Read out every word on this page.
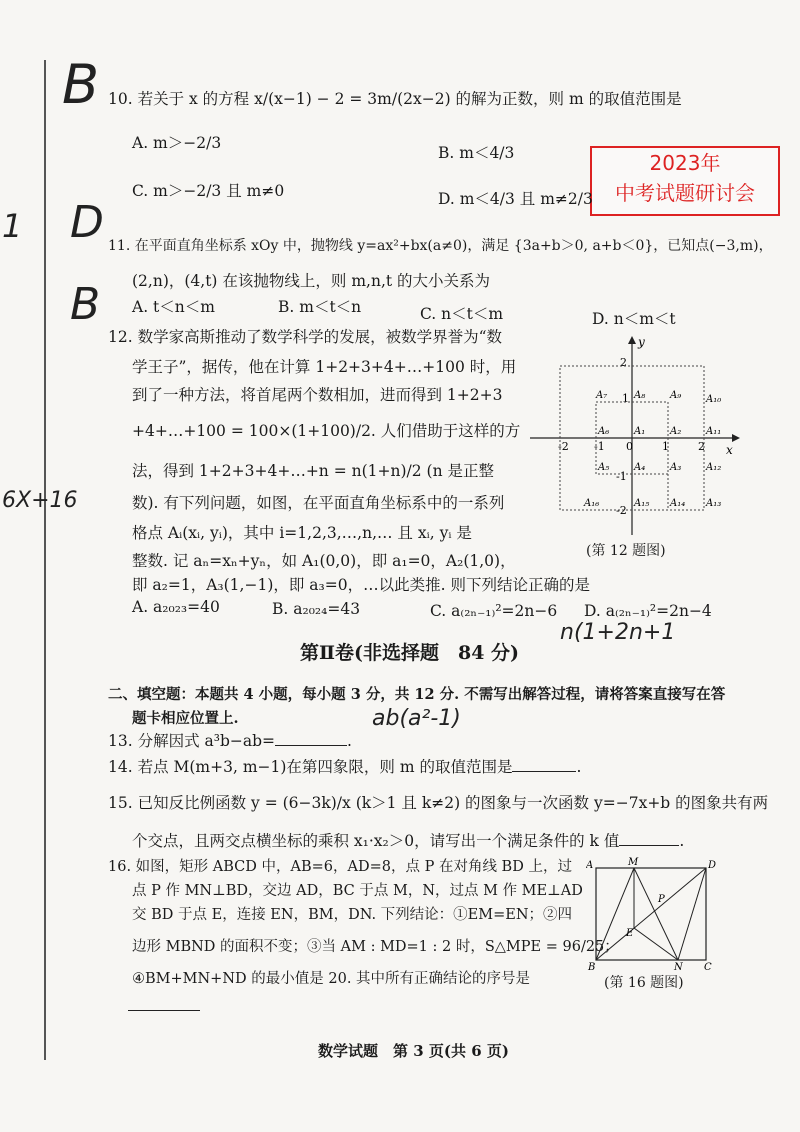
B
D
B
1
6X+16
n(1+2n+1
ab(a²-1)
2023年
中考试题研讨会
10. 若关于 x 的方程 x/(x−1) − 2 = 3m/(2x−2) 的解为正数，则 m 的取值范围是
A. m＞−2/3
B. m＜4/3
C. m＞−2/3 且 m≠0	D. m＜4/3 且 m≠2/3
11. 在平面直角坐标系 xOy 中，抛物线 y=ax²+bx(a≠0)，满足 {3a+b＞0, a+b＜0}，已知点(−3,m)，
(2,n)，(4,t) 在该抛物线上，则 m,n,t 的大小关系为
A. t＜n＜m	B. m＜t＜n	C. n＜t＜m	D. n＜m＜t
12. 数学家高斯推动了数学科学的发展，被数学界誉为“数
学王子”，据传，他在计算 1+2+3+4+…+100 时，用
到了一种方法，将首尾两个数相加，进而得到 1+2+3
+4+…+100 = 100×(1+100)/2. 人们借助于这样的方
法，得到 1+2+3+4+…+n = n(1+n)/2 (n 是正整
数). 有下列问题，如图，在平面直角坐标系中的一系列
格点 Aᵢ(xᵢ, yᵢ)，其中 i=1,2,3,…,n,… 且 xᵢ, yᵢ 是
整数. 记 aₙ=xₙ+yₙ，如 A₁(0,0)，即 a₁=0，A₂(1,0)，
即 a₂=1，A₃(1,−1)，即 a₃=0，…以此类推. 则下列结论正确的是
A. a₂₀₂₃=40	B. a₂₀₂₄=43	C. a₍₂ₙ₋₁₎²=2n−6 D. a₍₂ₙ₋₁₎²=2n−4
x
y
0
-2 -1	1	2
2
1
-1
-2
A₁ A₂
A₃
A₄
A₅
A₆
A₇	A₈ A₉ A₁₀
A₁₁
A₁₂
A₁₃
A₁₄
A₁₅
A₁₆
(第 12 题图)
第Ⅱ卷(非选择题　84 分)
二、填空题：本题共 4 小题，每小题 3 分，共 12 分. 不需写出解答过程，请将答案直接写在答
题卡相应位置上.
13. 分解因式 a³b−ab=	.
14. 若点 M(m+3, m−1)在第四象限，则 m 的取值范围是	.
15. 已知反比例函数 y = (6−3k)/x (k＞1 且 k≠2) 的图象与一次函数 y=−7x+b 的图象共有两
个交点，且两交点横坐标的乘积 x₁·x₂＞0，请写出一个满足条件的 k 值	.
16. 如图，矩形 ABCD 中，AB=6，AD=8，点 P 在对角线 BD 上，过
点 P 作 MN⊥BD，交边 AD，BC 于点 M，N，过点 M 作 ME⊥AD
交 BD 于点 E，连接 EN，BM，DN. 下列结论：①EM=EN；②四
边形 MBND 的面积不变；③当 AM : MD=1 : 2 时，S△MPE = 96/25；
④BM+MN+ND 的最小值是 20. 其中所有正确结论的序号是
A	M	D
P
E
B	N C
(第 16 题图)
数学试题　第 3 页(共 6 页)
